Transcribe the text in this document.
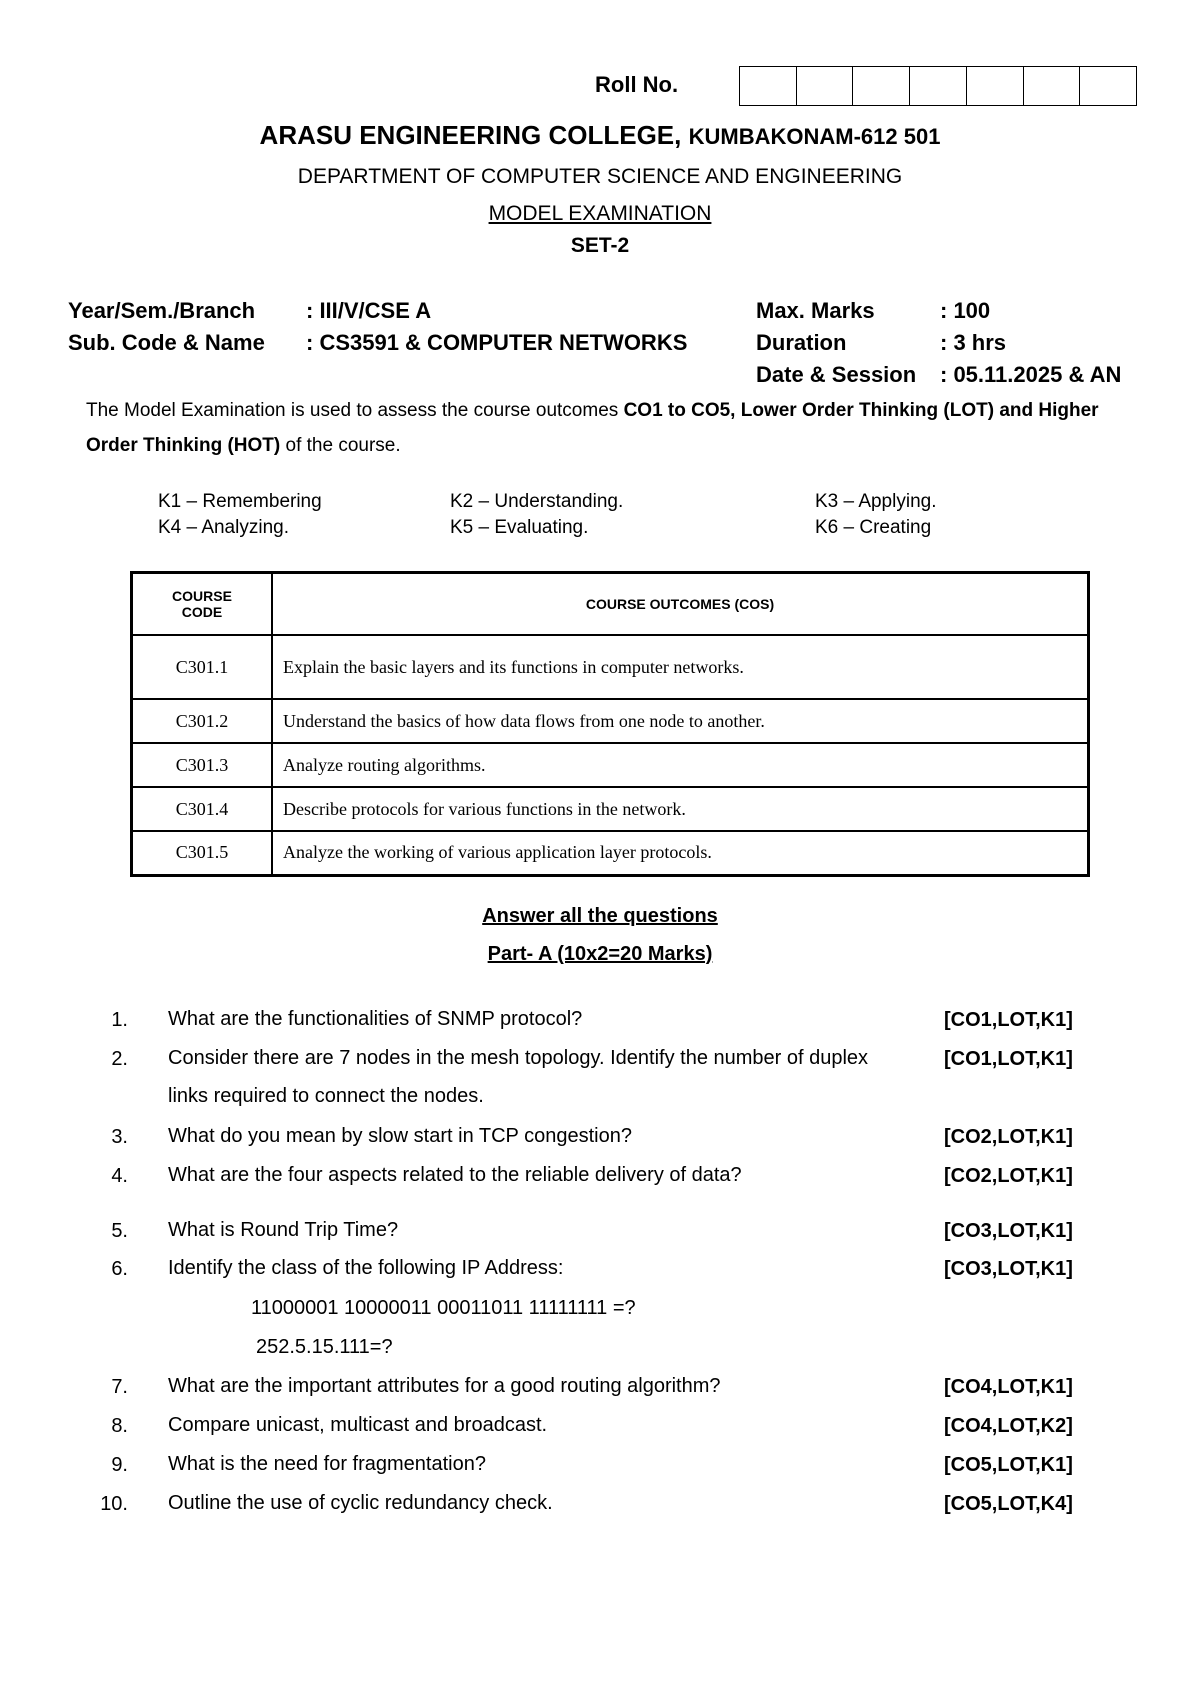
Roll No.
ARASU ENGINEERING COLLEGE, KUMBAKONAM-612 501
DEPARTMENT OF COMPUTER SCIENCE AND ENGINEERING
MODEL EXAMINATION
SET-2
Year/Sem./Branch : III/V/CSE A
Sub. Code & Name : CS3591 & COMPUTER NETWORKS
Max. Marks	: 100
Duration	: 3 hrs
Date & Session : 05.11.2025 & AN
The Model Examination is used to assess the course outcomes CO1 to CO5, Lower Order Thinking (LOT) and Higher Order Thinking (HOT) of the course.
K1 – Remembering	K2 – Understanding.	K3 – Applying.
K4 – Analyzing.	K5 – Evaluating.	K6 – Creating
COURSE
CODE	COURSE OUTCOMES (COS)
C301.1	Explain the basic layers and its functions in computer networks.
C301.2	Understand the basics of how data flows from one node to another.
C301.3	Analyze routing algorithms.
C301.4	Describe protocols for various functions in the network.
C301.5	Analyze the working of various application layer protocols.
Answer all the questions
Part- A (10x2=20 Marks)
1. What are the functionalities of SNMP protocol?	[CO1,LOT,K1]
2. Consider there are 7 nodes in the mesh topology. Identify the number of duplex links required to connect the nodes.
[CO1,LOT,K1]
3. What do you mean by slow start in TCP congestion?	[CO2,LOT,K1]
4. What are the four aspects related to the reliable delivery of data?	[CO2,LOT,K1]
5. What is Round Trip Time?	[CO3,LOT,K1]
6. Identify the class of the following IP Address:	[CO3,LOT,K1]
11000001 10000011 00011011 11111111 =?
252.5.15.111=?
7. What are the important attributes for a good routing algorithm?	[CO4,LOT,K1]
8. Compare unicast, multicast and broadcast.	[CO4,LOT,K2]
9. What is the need for fragmentation?	[CO5,LOT,K1]
10. Outline the use of cyclic redundancy check.	[CO5,LOT,K4]
